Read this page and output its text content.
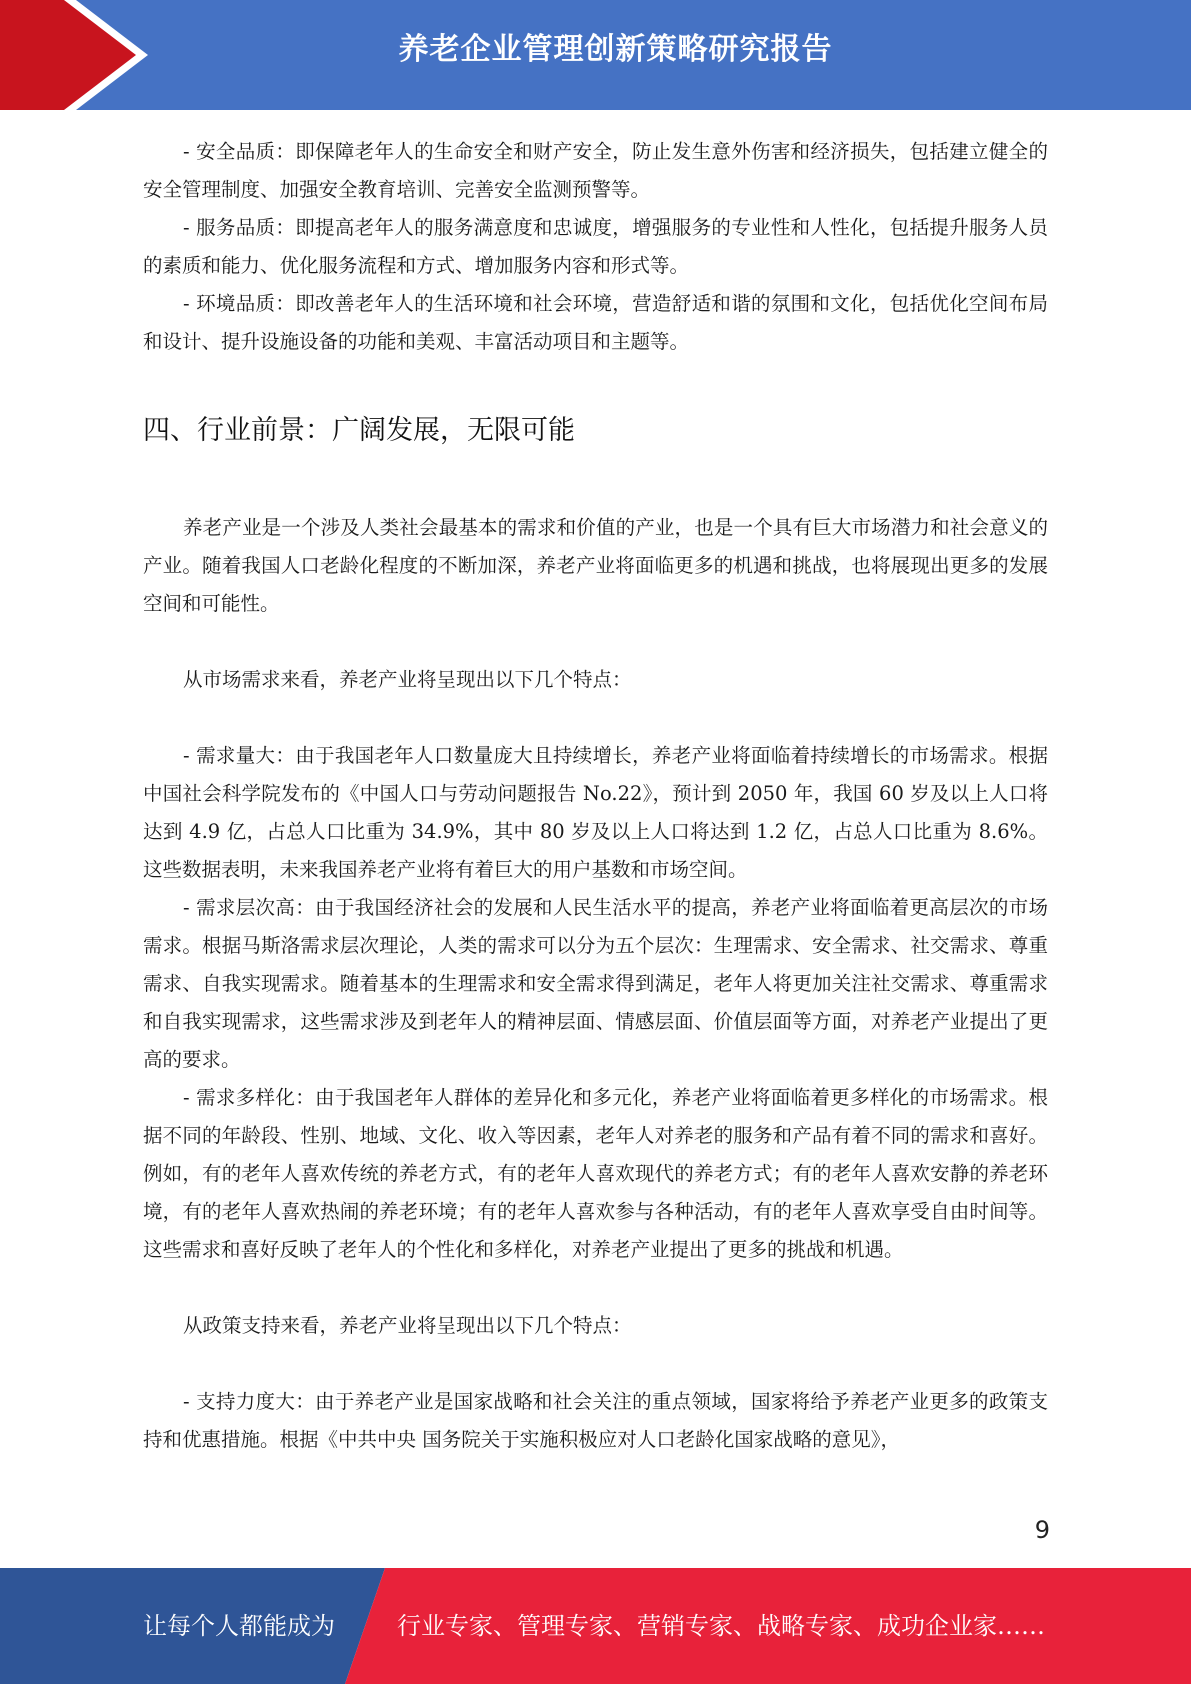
养老企业管理创新策略研究报告

- 安全品质：即保障老年人的生命安全和财产安全，防止发生意外伤害和经济损失，包括建立健全的安全管理制度、加强安全教育培训、完善安全监测预警等。

- 服务品质：即提高老年人的服务满意度和忠诚度，增强服务的专业性和人性化，包括提升服务人员的素质和能力、优化服务流程和方式、增加服务内容和形式等。

- 环境品质：即改善老年人的生活环境和社会环境，营造舒适和谐的氛围和文化，包括优化空间布局和设计、提升设施设备的功能和美观、丰富活动项目和主题等。

四、行业前景：广阔发展，无限可能

养老产业是一个涉及人类社会最基本的需求和价值的产业，也是一个具有巨大市场潜力和社会意义的产业。随着我国人口老龄化程度的不断加深，养老产业将面临更多的机遇和挑战，也将展现出更多的发展空间和可能性。

从市场需求来看，养老产业将呈现出以下几个特点：

- 需求量大：由于我国老年人口数量庞大且持续增长，养老产业将面临着持续增长的市场需求。根据中国社会科学院发布的《中国人口与劳动问题报告 No.22》，预计到 2050 年，我国 60 岁及以上人口将达到 4.9 亿，占总人口比重为 34.9%，其中 80 岁及以上人口将达到 1.2 亿，占总人口比重为 8.6%。这些数据表明，未来我国养老产业将有着巨大的用户基数和市场空间。

- 需求层次高：由于我国经济社会的发展和人民生活水平的提高，养老产业将面临着更高层次的市场需求。根据马斯洛需求层次理论，人类的需求可以分为五个层次：生理需求、安全需求、社交需求、尊重需求、自我实现需求。随着基本的生理需求和安全需求得到满足，老年人将更加关注社交需求、尊重需求和自我实现需求，这些需求涉及到老年人的精神层面、情感层面、价值层面等方面，对养老产业提出了更高的要求。

- 需求多样化：由于我国老年人群体的差异化和多元化，养老产业将面临着更多样化的市场需求。根据不同的年龄段、性别、地域、文化、收入等因素，老年人对养老的服务和产品有着不同的需求和喜好。例如，有的老年人喜欢传统的养老方式，有的老年人喜欢现代的养老方式；有的老年人喜欢安静的养老环境，有的老年人喜欢热闹的养老环境；有的老年人喜欢参与各种活动，有的老年人喜欢享受自由时间等。这些需求和喜好反映了老年人的个性化和多样化，对养老产业提出了更多的挑战和机遇。

从政策支持来看，养老产业将呈现出以下几个特点：

- 支持力度大：由于养老产业是国家战略和社会关注的重点领域，国家将给予养老产业更多的政策支持和优惠措施。根据《中共中央 国务院关于实施积极应对人口老龄化国家战略的意见》，

9
让每个人都能成为	行业专家、管理专家、营销专家、战略专家、成功企业家……
